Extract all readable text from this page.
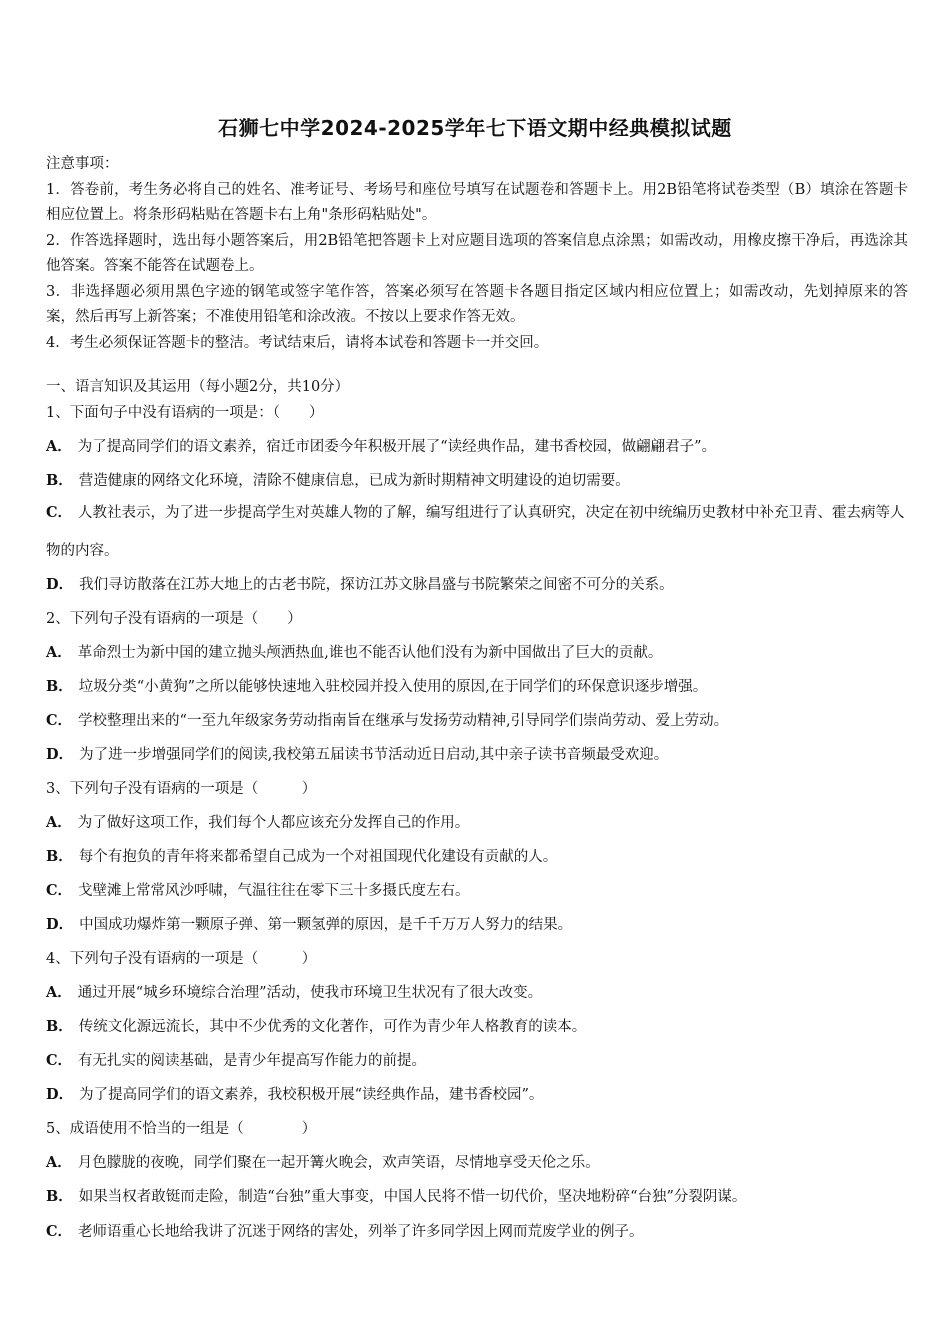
石狮七中学2024-2025学年七下语文期中经典模拟试题

注意事项：

1．答卷前，考生务必将自己的姓名、准考证号、考场号和座位号填写在试题卷和答题卡上。用2B铅笔将试卷类型（B）填涂在答题卡相应位置上。将条形码粘贴在答题卡右上角"条形码粘贴处"。

2．作答选择题时，选出每小题答案后，用2B铅笔把答题卡上对应题目选项的答案信息点涂黑；如需改动，用橡皮擦干净后，再选涂其他答案。答案不能答在试题卷上。

3．非选择题必须用黑色字迹的钢笔或签字笔作答，答案必须写在答题卡各题目指定区域内相应位置上；如需改动，先划掉原来的答案，然后再写上新答案；不准使用铅笔和涂改液。不按以上要求作答无效。

4．考生必须保证答题卡的整洁。考试结束后，请将本试卷和答题卡一并交回。

一、语言知识及其运用（每小题2分，共10分）

1、下面句子中没有语病的一项是：（　　）

A． 为了提高同学们的语文素养，宿迁市团委今年积极开展了“读经典作品，建书香校园，做翩翩君子”。

B． 营造健康的网络文化环境，清除不健康信息，已成为新时期精神文明建设的迫切需要。

C． 人教社表示，为了进一步提高学生对英雄人物的了解，编写组进行了认真研究，决定在初中统编历史教材中补充卫青、霍去病等人物的内容。

D． 我们寻访散落在江苏大地上的古老书院，探访江苏文脉昌盛与书院繁荣之间密不可分的关系。

2、下列句子没有语病的一项是（　　）

A． 革命烈士为新中国的建立抛头颅洒热血,谁也不能否认他们没有为新中国做出了巨大的贡献。

B． 垃圾分类“小黄狗”之所以能够快速地入驻校园并投入使用的原因,在于同学们的环保意识逐步增强。

C． 学校整理出来的“一至九年级家务劳动指南旨在继承与发扬劳动精神,引导同学们崇尚劳动、爱上劳动。

D． 为了进一步增强同学们的阅读,我校第五届读书节活动近日启动,其中亲子读书音频最受欢迎。

3、下列句子没有语病的一项是（　　　）

A． 为了做好这项工作，我们每个人都应该充分发挥自己的作用。

B． 每个有抱负的青年将来都希望自己成为一个对祖国现代化建设有贡献的人。

C． 戈壁滩上常常风沙呼啸，气温往往在零下三十多摄氏度左右。

D． 中国成功爆炸第一颗原子弹、第一颗氢弹的原因，是千千万万人努力的结果。

4、下列句子没有语病的一项是（　　　）

A． 通过开展“城乡环境综合治理”活动，使我市环境卫生状况有了很大改变。

B． 传统文化源远流长，其中不少优秀的文化著作，可作为青少年人格教育的读本。

C． 有无扎实的阅读基础，是青少年提高写作能力的前提。

D． 为了提高同学们的语文素养，我校积极开展“读经典作品，建书香校园”。

5、成语使用不恰当的一组是（　　　　）

A． 月色朦胧的夜晚，同学们聚在一起开篝火晚会，欢声笑语，尽情地享受天伦之乐。

B． 如果当权者敢铤而走险，制造“台独”重大事变，中国人民将不惜一切代价，坚决地粉碎“台独”分裂阴谋。

C． 老师语重心长地给我讲了沉迷于网络的害处，列举了许多同学因上网而荒废学业的例子。
